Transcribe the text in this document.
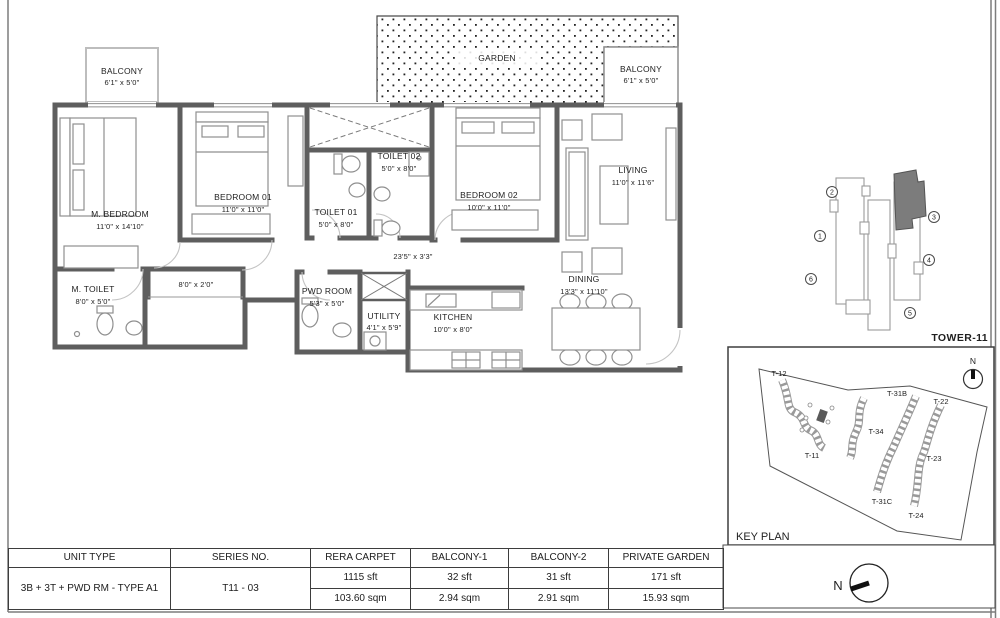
GARDEN
BALCONY
6'1" x 5'0"
BALCONY
6'1" x 5'0"
M. BEDROOM
11'0" x 14'10"
BEDROOM 01
11'0" x 11'0"	TOILET 01
5'0" x 8'0"
TOILET 02
5'0" x 8'0"
BEDROOM 02
10'0" x 11'0"
LIVING
11'0" x 11'6"
23'5" x 3'3"
M. TOILET
8'0" x 5'0"
8'0" x 2'0"
PWD ROOM
5'3" x 5'0"
UTILITY
4'1" x 5'9"
KITCHEN
10'0" x 8'0"
DINING
13'3" x 11'10"
1
2
3
4
5
6
TOWER-11
T-12
T-31B
T-22
T-34
T-11	T-23
T-31C
T-24
KEY PLAN
N
N
UNIT TYPE	SERIES NO.	RERA CARPET	BALCONY-1	BALCONY-2	PRIVATE GARDEN
3B + 3T + PWD RM - TYPE A1	T11 - 03	1115 sft	32 sft	31 sft	171 sft
		103.60 sqm	2.94 sqm	2.91 sqm	15.93 sqm
